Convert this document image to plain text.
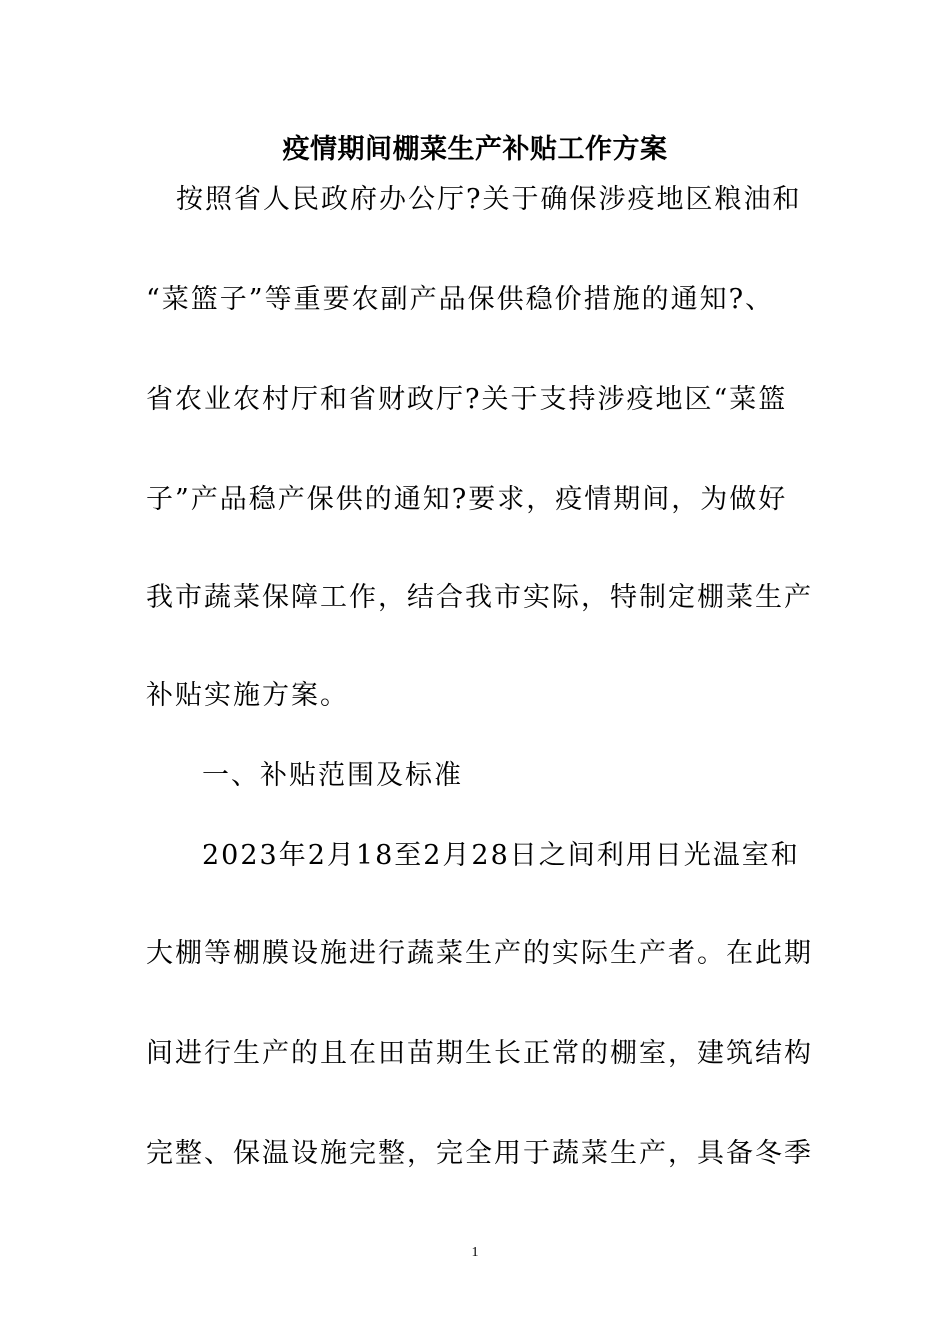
疫情期间棚菜生产补贴工作方案
按照省人民政府办公厅?关于确保涉疫地区粮油和
“菜篮子”等重要农副产品保供稳价措施的通知?、
省农业农村厅和省财政厅?关于支持涉疫地区“菜篮
子”产品稳产保供的通知?要求，疫情期间，为做好
我市蔬菜保障工作，结合我市实际，特制定棚菜生产
补贴实施方案。
一、补贴范围及标准
2023年2月18至2月28日之间利用日光温室和
大棚等棚膜设施进行蔬菜生产的实际生产者。在此期
间进行生产的且在田苗期生长正常的棚室，建筑结构
完整、保温设施完整，完全用于蔬菜生产，具备冬季
1
